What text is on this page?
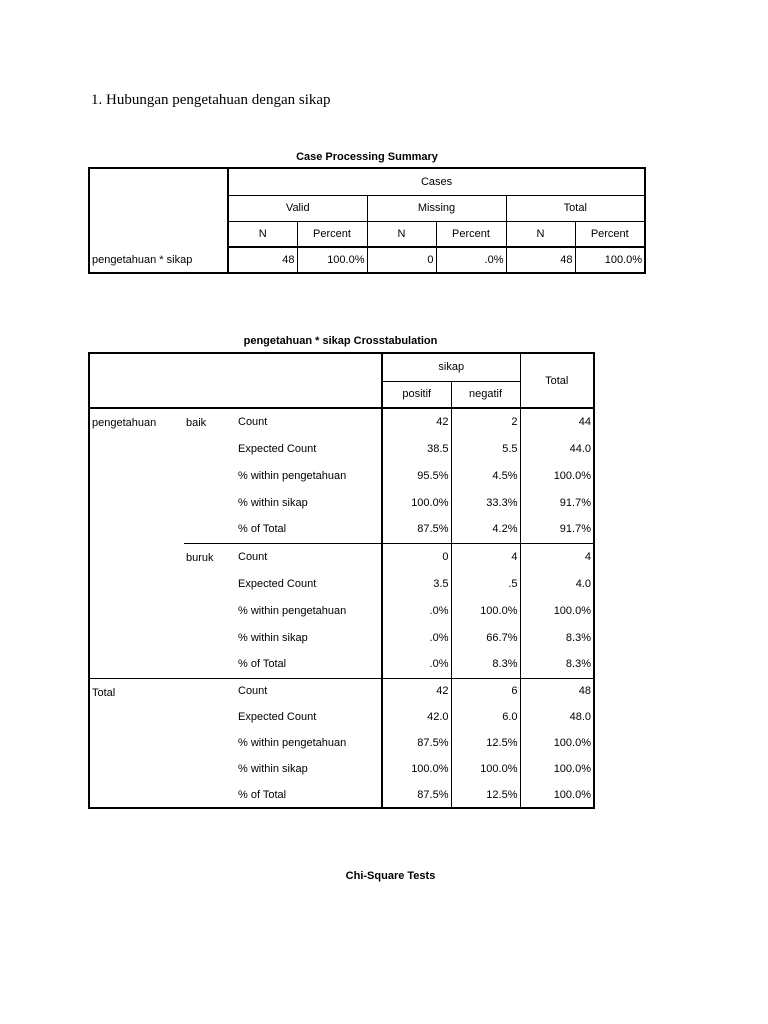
1. Hubungan pengetahuan dengan sikap
Case Processing Summary
	Cases					
	Valid		Missing		Total	
	N	Percent	N	Percent	N	Percent
pengetahuan * sikap	48	100.0%	0	.0%	48	100.0%
pengetahuan * sikap Crosstabulation
			sikap		Total
			positif	negatif	
pengetahuan	baik	Count	42	2	44
		Expected Count	38.5	5.5	44.0
		% within pengetahuan	95.5%	4.5%	100.0%
		% within sikap	100.0%	33.3%	91.7%
		% of Total	87.5%	4.2%	91.7%
	buruk	Count	0	4	4
		Expected Count	3.5	.5	4.0
		% within pengetahuan	.0%	100.0%	100.0%
		% within sikap	.0%	66.7%	8.3%
		% of Total	.0%	8.3%	8.3%
Total		Count	42	6	48
		Expected Count	42.0	6.0	48.0
		% within pengetahuan	87.5%	12.5%	100.0%
		% within sikap	100.0%	100.0%	100.0%
		% of Total	87.5%	12.5%	100.0%
Chi-Square Tests
